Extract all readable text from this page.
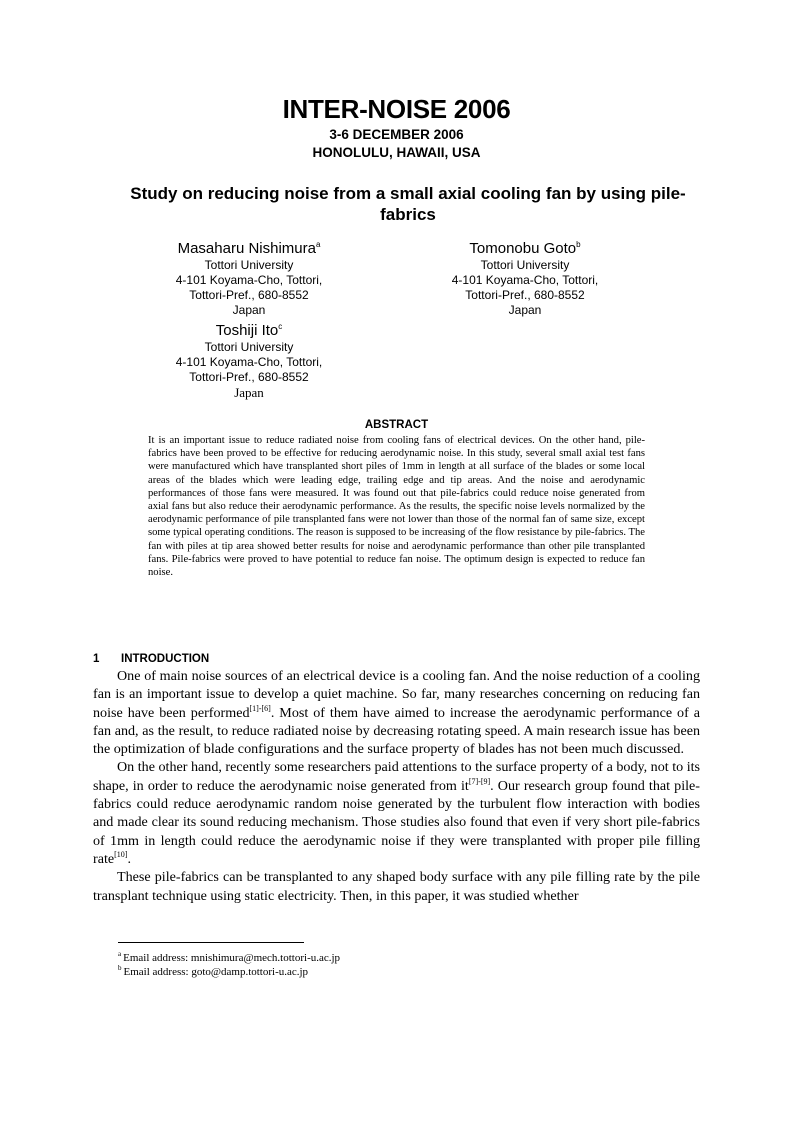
INTER-NOISE 2006
3-6 DECEMBER 2006
HONOLULU, HAWAII, USA
Study on reducing noise from a small axial cooling fan by using pile-fabrics
Masaharu Nishimura$^a$
Tottori University
4-101 Koyama-Cho, Tottori,
Tottori-Pref., 680-8552
Japan
Tomonobu Goto$^b$
Tottori University
4-101 Koyama-Cho, Tottori,
Tottori-Pref., 680-8552
Japan
Toshiji Ito$^c$
Tottori University
4-101 Koyama-Cho, Tottori,
Tottori-Pref., 680-8552
Japan
ABSTRACT
It is an important issue to reduce radiated noise from cooling fans of electrical devices. On the other hand, pile-fabrics have been proved to be effective for reducing aerodynamic noise. In this study, several small axial test fans were manufactured which have transplanted short piles of 1mm in length at all surface of the blades or some local areas of the blades which were leading edge, trailing edge and tip areas. And the noise and aerodynamic performances of those fans were measured. It was found out that pile-fabrics could reduce noise generated from axial fans but also reduce their aerodynamic performance. As the results, the specific noise levels normalized by the aerodynamic performance of pile transplanted fans were not lower than those of the normal fan of same size, except some typical operating conditions. The reason is supposed to be increasing of the flow resistance by pile-fabrics. The fan with piles at tip area showed better results for noise and aerodynamic performance than other pile transplanted fans. Pile-fabrics were proved to have potential to reduce fan noise. The optimum design is expected to reduce fan noise.
1 INTRODUCTION

One of main noise sources of an electrical device is a cooling fan. And the noise reduction of a cooling fan is an important issue to develop a quiet machine. So far, many researches concerning on reducing fan noise have been performed[1]-[6]. Most of them have aimed to increase the aerodynamic performance of a fan and, as the result, to reduce radiated noise by decreasing rotating speed. A main research issue has been the optimization of blade configurations and the surface property of blades has not been much discussed.

On the other hand, recently some researchers paid attentions to the surface property of a body, not to its shape, in order to reduce the aerodynamic noise generated from it[7]-[9]. Our research group found that pile-fabrics could reduce aerodynamic random noise generated by the turbulent flow interaction with bodies and made clear its sound reducing mechanism. Those studies also found that even if very short pile-fabrics of 1mm in length could reduce the aerodynamic noise if they were transplanted with proper pile filling rate[10].

These pile-fabrics can be transplanted to any shaped body surface with any pile filling rate by the pile transplant technique using static electricity. Then, in this paper, it was studied whether

$^a$ Email address: mnishimura@mech.tottori-u.ac.jp
$^b$ Email address: goto@damp.tottori-u.ac.jp
